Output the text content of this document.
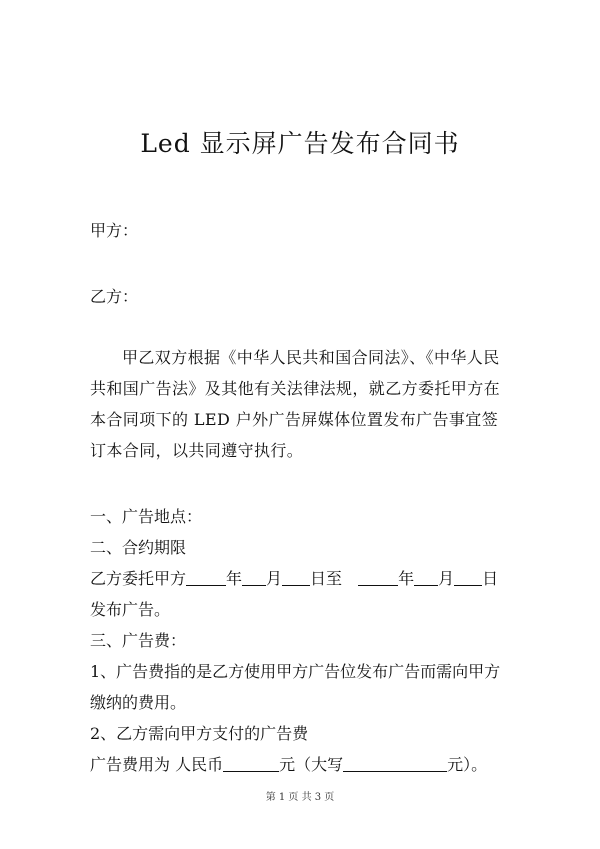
Led 显示屏广告发布合同书
甲方：
乙方：
甲乙双方根据《中华人民共和国合同法》、《中华人民共和国广告法》及其他有关法律法规，就乙方委托甲方在本合同项下的 LED 户外广告屏媒体位置发布广告事宜签订本合同，以共同遵守执行。
一、广告地点：
二、合约期限
乙方委托甲方	年 月 日至	年 月 日
发布广告。
三、广告费：
1、广告费指的是乙方使用甲方广告位发布广告而需向甲方
缴纳的费用。
2、乙方需向甲方支付的广告费
广告费用为 人民币	元（大写	元）。
第 1 页 共 3 页
